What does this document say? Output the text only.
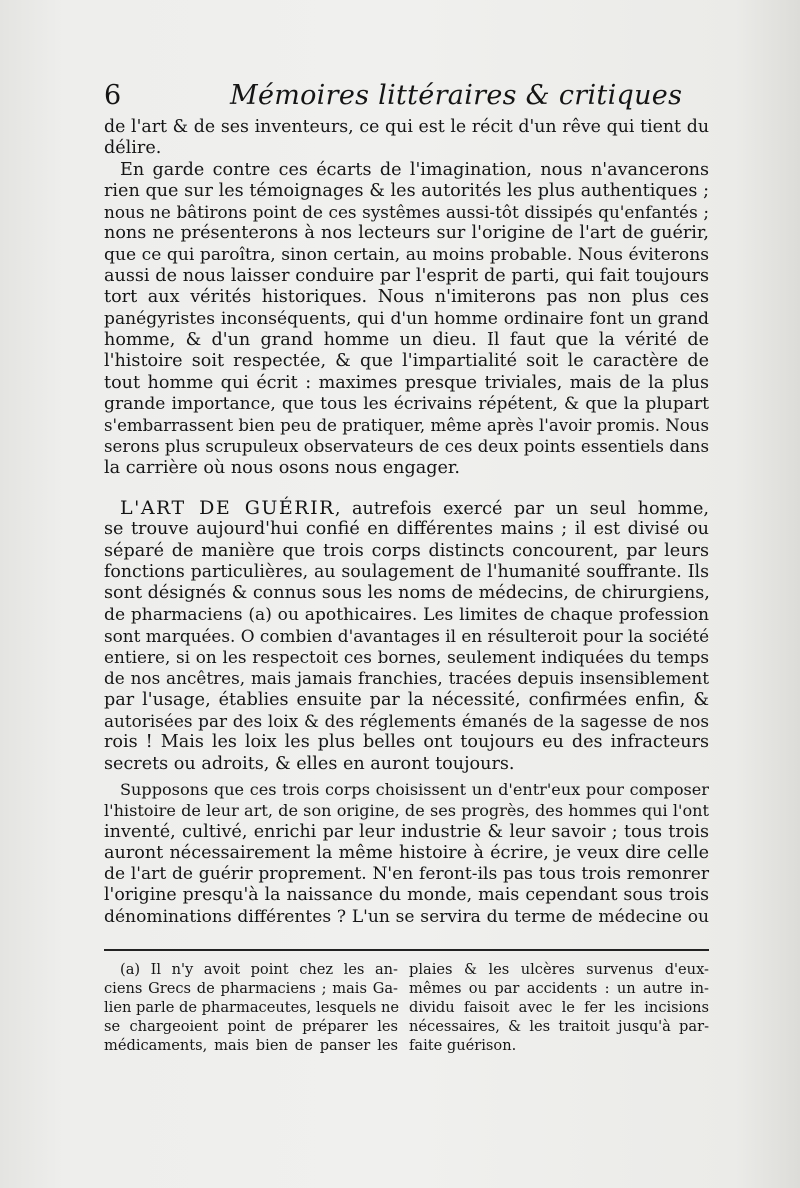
6	Mémoires littéraires & critiques
de l'art & de ses inventeurs, ce qui est le récit d'un rêve qui tient du
délire.
En garde contre ces écarts de l'imagination, nous n'avancerons
rien que sur les témoignages & les autorités les plus authentiques ;
nous ne bâtirons point de ces systêmes aussi-tôt dissipés qu'enfantés ;
nons ne présenterons à nos lecteurs sur l'origine de l'art de guérir,
que ce qui paroîtra, sinon certain, au moins probable. Nous éviterons
aussi de nous laisser conduire par l'esprit de parti, qui fait toujours
tort aux vérités historiques. Nous n'imiterons pas non plus ces
panégyristes inconséquents, qui d'un homme ordinaire font un grand
homme, & d'un grand homme un dieu. Il faut que la vérité de
l'histoire soit respectée, & que l'impartialité soit le caractère de
tout homme qui écrit : maximes presque triviales, mais de la plus
grande importance, que tous les écrivains répétent, & que la plupart
s'embarrassent bien peu de pratiquer, même après l'avoir promis. Nous
serons plus scrupuleux observateurs de ces deux points essentiels dans
la carrière où nous osons nous engager.
L'ART DE GUÉRIR, autrefois exercé par un seul homme,
se trouve aujourd'hui confié en différentes mains ; il est divisé ou
séparé de manière que trois corps distincts concourent, par leurs
fonctions particulières, au soulagement de l'humanité souffrante. Ils
sont désignés & connus sous les noms de médecins, de chirurgiens,
de pharmaciens (a) ou apothicaires. Les limites de chaque profession
sont marquées. O combien d'avantages il en résulteroit pour la société
entiere, si on les respectoit ces bornes, seulement indiquées du temps
de nos ancêtres, mais jamais franchies, tracées depuis insensiblement
par l'usage, établies ensuite par la nécessité, confirmées enfin, &
autorisées par des loix & des réglements émanés de la sagesse de nos
rois ! Mais les loix les plus belles ont toujours eu des infracteurs
secrets ou adroits, & elles en auront toujours.
Supposons que ces trois corps choisissent un d'entr'eux pour composer
l'histoire de leur art, de son origine, de ses progrès, des hommes qui l'ont
inventé, cultivé, enrichi par leur industrie & leur savoir ; tous trois
auront nécessairement la même histoire à écrire, je veux dire celle
de l'art de guérir proprement. N'en feront-ils pas tous trois remonrer
l'origine presqu'à la naissance du monde, mais cependant sous trois
dénominations différentes ? L'un se servira du terme de médecine ou
(a) Il n'y avoit point chez les an-
ciens Grecs de pharmaciens ; mais Ga-
lien parle de pharmaceutes, lesquels ne
se chargeoient point de préparer les
médicaments, mais bien de panser les
plaies & les ulcères survenus d'eux-
mêmes ou par accidents : un autre in-
dividu faisoit avec le fer les incisions
nécessaires, & les traitoit jusqu'à par-
faite guérison.
